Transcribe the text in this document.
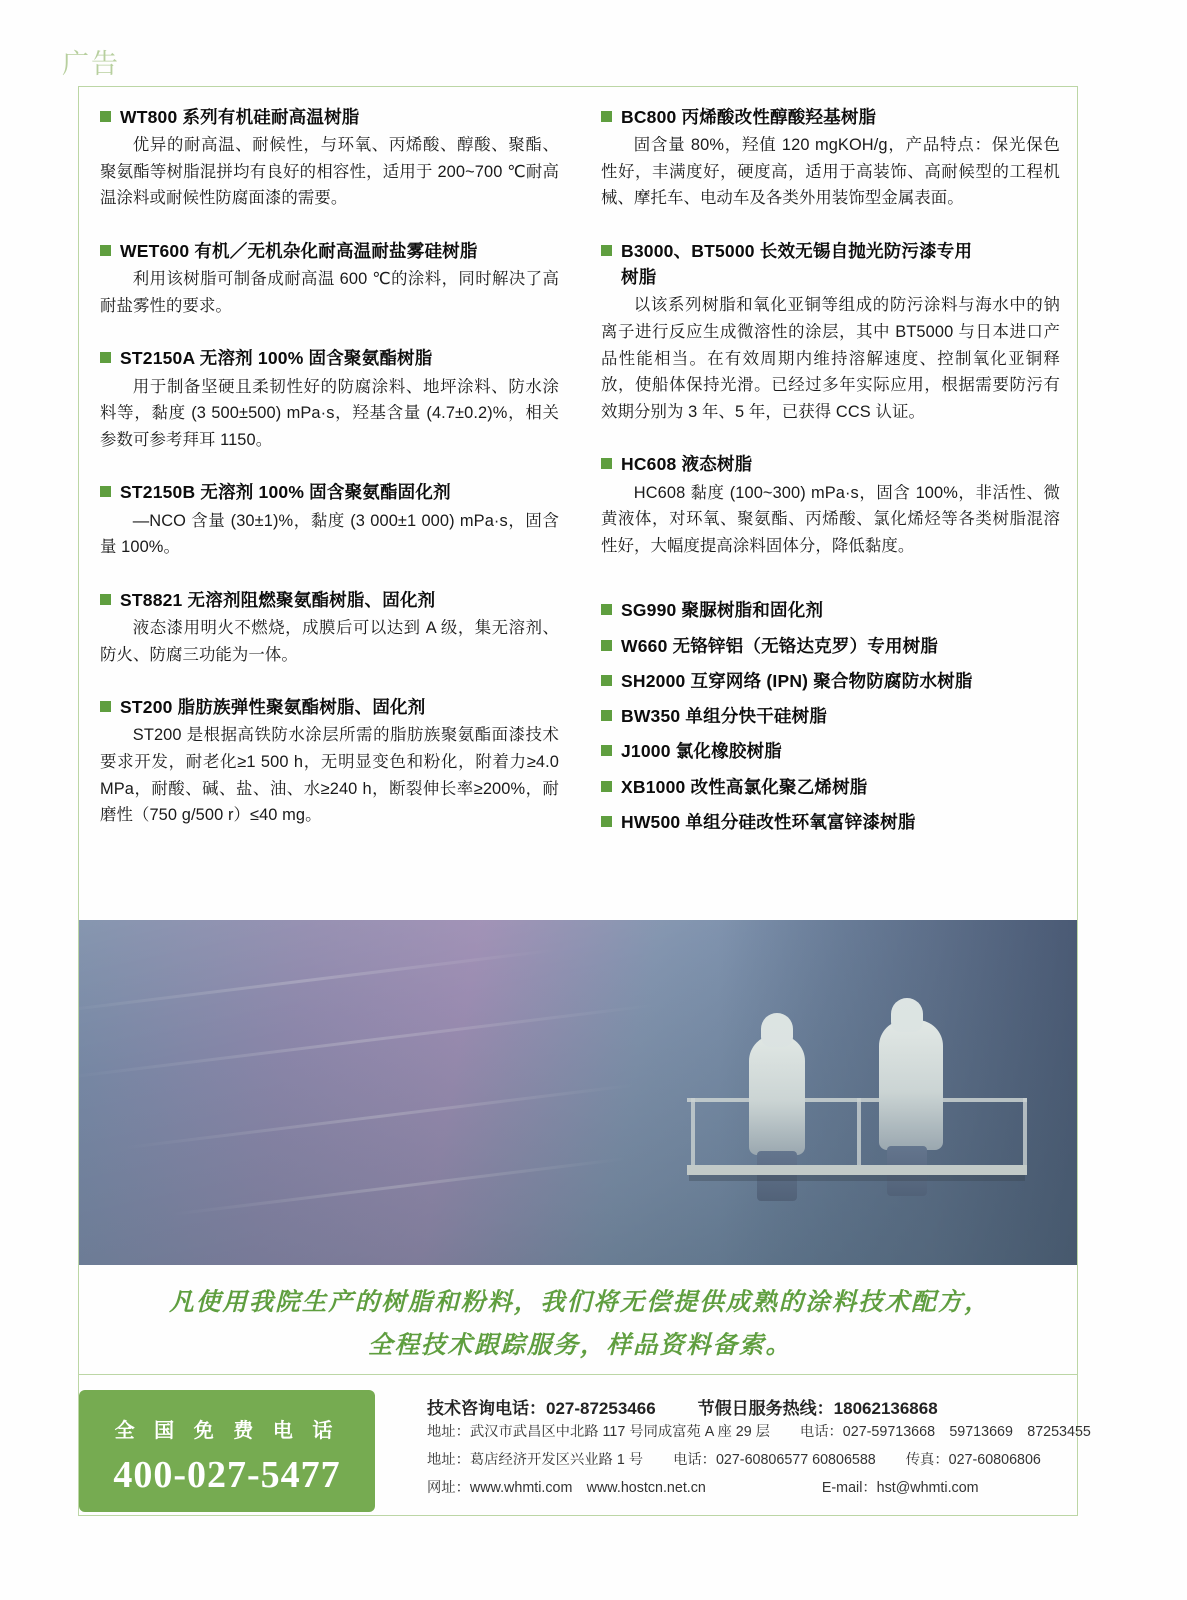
广告
WT800 系列有机硅耐高温树脂
优异的耐高温、耐候性，与环氧、丙烯酸、醇酸、聚酯、聚氨酯等树脂混拼均有良好的相容性，适用于 200~700 ℃耐高温涂料或耐候性防腐面漆的需要。
WET600 有机／无机杂化耐高温耐盐雾硅树脂
利用该树脂可制备成耐高温 600 ℃的涂料，同时解决了高耐盐雾性的要求。
ST2150A 无溶剂 100% 固含聚氨酯树脂
用于制备坚硬且柔韧性好的防腐涂料、地坪涂料、防水涂料等，黏度 (3 500±500) mPa·s，羟基含量 (4.7±0.2)%，相关参数可参考拜耳 1150。
ST2150B 无溶剂 100% 固含聚氨酯固化剂
—NCO 含量 (30±1)%，黏度 (3 000±1 000) mPa·s，固含量 100%。
ST8821 无溶剂阻燃聚氨酯树脂、固化剂
液态漆用明火不燃烧，成膜后可以达到 A 级，集无溶剂、防火、防腐三功能为一体。
ST200 脂肪族弹性聚氨酯树脂、固化剂
ST200 是根据高铁防水涂层所需的脂肪族聚氨酯面漆技术要求开发，耐老化≥1 500 h，无明显变色和粉化，附着力≥4.0 MPa，耐酸、碱、盐、油、水≥240 h，断裂伸长率≥200%，耐磨性（750 g/500 r）≤40 mg。
BC800 丙烯酸改性醇酸羟基树脂
固含量 80%，羟值 120 mgKOH/g，产品特点：保光保色性好，丰满度好，硬度高，适用于高装饰、高耐候型的工程机械、摩托车、电动车及各类外用装饰型金属表面。
B3000、BT5000 长效无锡自抛光防污漆专用
树脂
以该系列树脂和氧化亚铜等组成的防污涂料与海水中的钠离子进行反应生成微溶性的涂层，其中 BT5000 与日本进口产品性能相当。在有效周期内维持溶解速度、控制氧化亚铜释放，使船体保持光滑。已经过多年实际应用，根据需要防污有效期分别为 3 年、5 年，已获得 CCS 认证。
HC608 液态树脂
HC608 黏度 (100~300) mPa·s，固含 100%，非活性、微黄液体，对环氧、聚氨酯、丙烯酸、氯化烯烃等各类树脂混溶性好，大幅度提高涂料固体分，降低黏度。
SG990 聚脲树脂和固化剂
W660 无铬锌铝（无铬达克罗）专用树脂
SH2000 互穿网络 (IPN) 聚合物防腐防水树脂
BW350 单组分快干硅树脂
J1000 氯化橡胶树脂
XB1000 改性高氯化聚乙烯树脂
HW500 单组分硅改性环氧富锌漆树脂
凡使用我院生产的树脂和粉料，我们将无偿提供成熟的涂料技术配方，
全程技术跟踪服务，样品资料备索。
全 国 免 费 电 话
400-027-5477
技术咨询电话：027-87253466 节假日服务热线：18062136868
地址：武汉市武昌区中北路 117 号同成富苑 A 座 29 层 电话：027-59713668　59713669　87253455
地址：葛店经济开发区兴业路 1 号 电话：027-60806577 60806588 传真：027-60806806
网址：www.whmti.com　www.hostcn.net.cn	E-mail：hst@whmti.com
